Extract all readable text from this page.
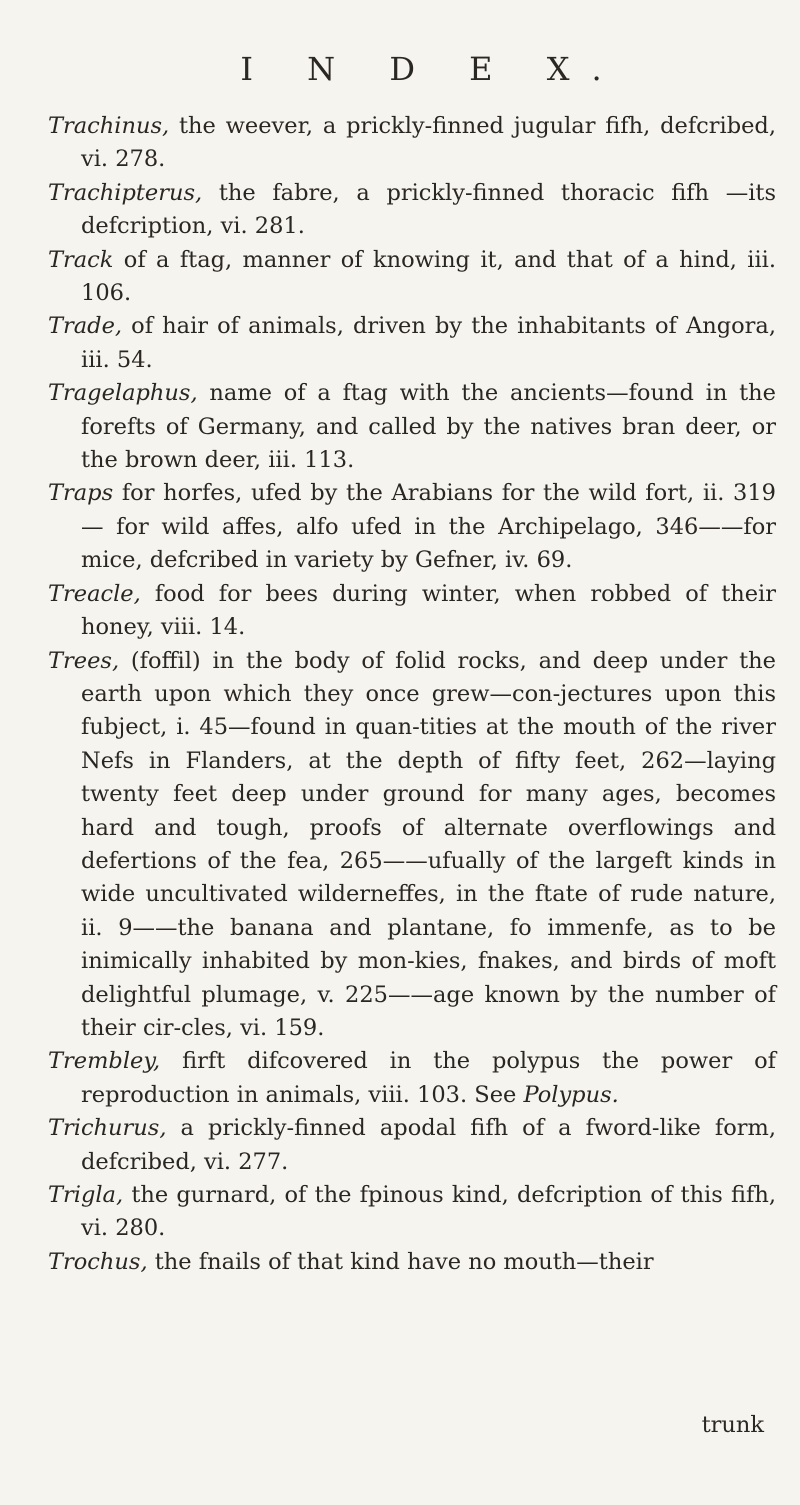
I N D E X.

Trachinus, the weever, a prickly-finned jugular fifh, defcribed, vi. 278.

Trachipterus, the fabre, a prickly-finned thoracic fifh —its defcription, vi. 281.

Track of a ftag, manner of knowing it, and that of a hind, iii. 106.

Trade, of hair of animals, driven by the inhabitants of Angora, iii. 54.

Tragelaphus, name of a ftag with the ancients—found in the forefts of Germany, and called by the natives bran deer, or the brown deer, iii. 113.

Traps for horfes, ufed by the Arabians for the wild fort, ii. 319 — for wild affes, alfo ufed in the Archipelago, 346——for mice, defcribed in variety by Gefner, iv. 69.

Treacle, food for bees during winter, when robbed of their honey, viii. 14.

Trees, (foffil) in the body of folid rocks, and deep under the earth upon which they once grew—con-jectures upon this fubject, i. 45—found in quan-tities at the mouth of the river Nefs in Flanders, at the depth of fifty feet, 262—laying twenty feet deep under ground for many ages, becomes hard and tough, proofs of alternate overflowings and defertions of the fea, 265——ufually of the largeft kinds in wide uncultivated wilderneffes, in the ftate of rude nature, ii. 9——the banana and plantane, fo immenfe, as to be inimically inhabited by mon-kies, fnakes, and birds of moft delightful plumage, v. 225——age known by the number of their cir-cles, vi. 159.

Trembley, firft difcovered in the polypus the power of reproduction in animals, viii. 103. See Polypus.

Trichurus, a prickly-finned apodal fifh of a fword-like form, defcribed, vi. 277.

Trigla, the gurnard, of the fpinous kind, defcription of this fifh, vi. 280.

Trochus, the fnails of that kind have no mouth—their

trunk
